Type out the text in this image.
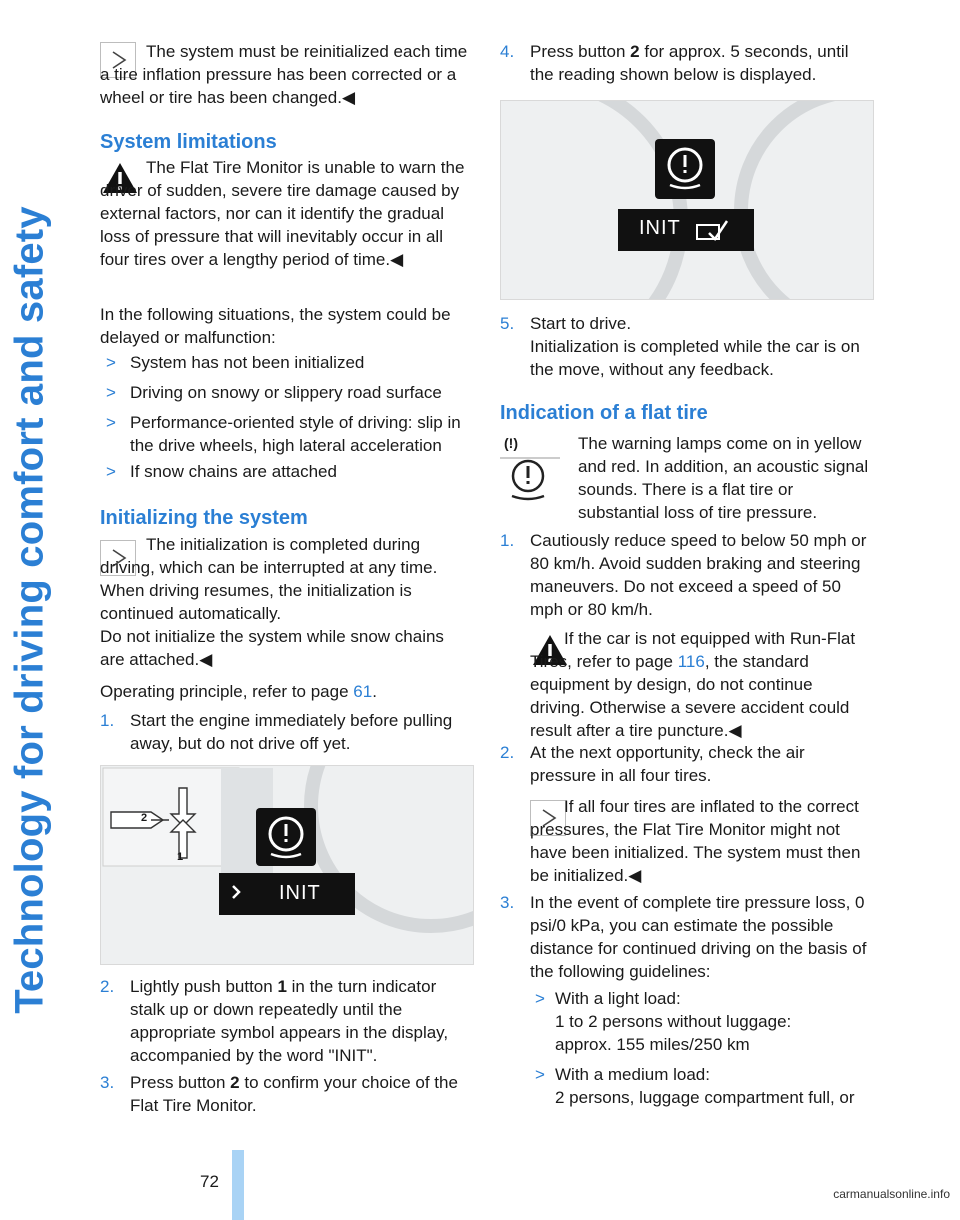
Technology for driving comfort and safety
The system must be reinitialized each time a tire inflation pressure has been corrected or a wheel or tire has been changed.◀
System limitations
The Flat Tire Monitor is unable to warn the driver of sudden, severe tire damage caused by external factors, nor can it identify the gradual loss of pressure that will inevitably occur in all four tires over a lengthy period of time.◀
In the following situations, the system could be delayed or malfunction:
> System has not been initialized
> Driving on snowy or slippery road surface
> Performance-oriented style of driving: slip in the drive wheels, high lateral acceleration
> If snow chains are attached
Initializing the system
The initialization is completed during driving, which can be interrupted at any time. When driving resumes, the initialization is continued automatically.
Do not initialize the system while snow chains are attached.◀
Operating principle, refer to page 61.
1. Start the engine immediately before pulling away, but do not drive off yet.
2
1
INIT
2. Lightly push button 1 in the turn indicator stalk up or down repeatedly until the appropriate symbol appears in the display, accompanied by the word "INIT".
3. Press button 2 to confirm your choice of the Flat Tire Monitor.
4. Press button 2 for approx. 5 seconds, until the reading shown below is displayed.
INIT
5. Start to drive.
Initialization is completed while the car is on the move, without any feedback.
Indication of a flat tire
(!)	The warning lamps come on in yellow and red. In addition, an acoustic signal sounds. There is a flat tire or substantial loss of tire pressure.
1. Cautiously reduce speed to below 50 mph or 80 km/h. Avoid sudden braking and steering maneuvers. Do not exceed a speed of 50 mph or 80 km/h.
If the car is not equipped with Run-Flat Tires, refer to page 116, the standard equipment by design, do not continue driving. Otherwise a severe accident could result after a tire puncture.◀
2. At the next opportunity, check the air pressure in all four tires.
If all four tires are inflated to the correct pressures, the Flat Tire Monitor might not have been initialized. The system must then be initialized.◀
3. In the event of complete tire pressure loss, 0 psi/0 kPa, you can estimate the possible distance for continued driving on the basis of the following guidelines:
> With a light load:
1 to 2 persons without luggage:
approx. 155 miles/250 km
> With a medium load:
2 persons, luggage compartment full, or
72
carmanualsonline.info
